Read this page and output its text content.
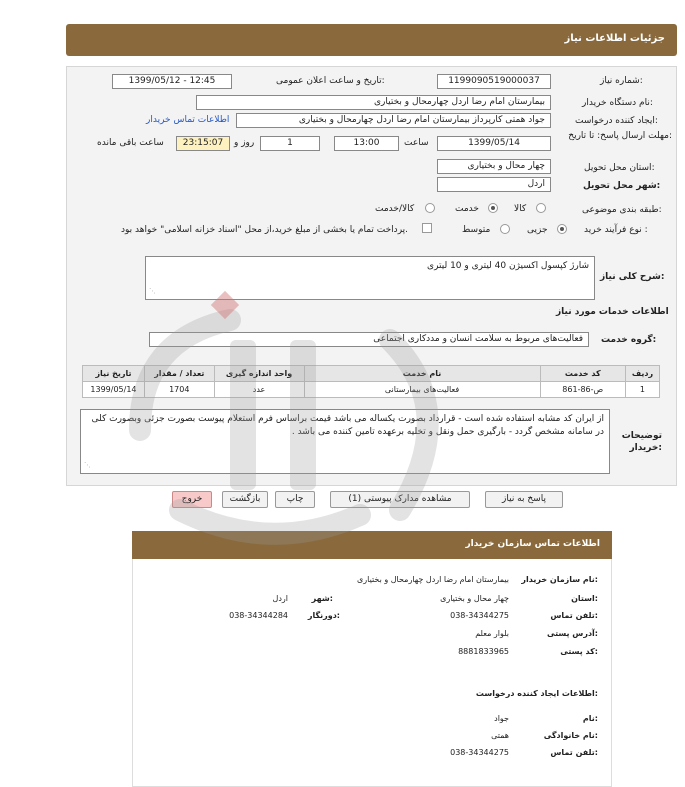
جزئیات اطلاعات نیاز
شماره نیاز:
1199090519000037
تاریخ و ساعت اعلان عمومی:
1399/05/12 - 12:45
نام دستگاه خریدار:
بیمارستان امام رضا اردل چهارمحال و بختیاری
ایجاد کننده درخواست:
جواد همتی کارپرداز بیمارستان امام رضا اردل چهارمحال و بختیاری
اطلاعات تماس خریدار
مهلت ارسال پاسخ: تا تاریخ:
1399/05/14
ساعت
13:00
1
روز و
23:15:07
ساعت باقی مانده
استان محل تحویل:
چهار محال و بختیاری
شهر محل تحویل:
اردل
طبقه بندی موضوعی:
کالا
خدمت
کالا/خدمت
نوع فرآیند خرید :
جزیی
متوسط
پرداخت تمام یا بخشی از مبلغ خرید،از محل "اسناد خزانه اسلامی" خواهد بود.
شرح کلی نیاز:
شارژ کپسول اکسیژن 40 لیتری و 10 لیتری
⋰
اطلاعات خدمات مورد نیاز
گروه خدمت:
فعالیت‌های مربوط به سلامت انسان و مددکاری اجتماعی
تاریخ نیاز	تعداد / مقدار	واحد اندازه گیری	نام خدمت	کد خدمت	ردیف
1399/05/14	1704	عدد	فعالیت‌های بیمارستانی	ص-86-861	1
توضیحات خریدار:
از ایران کد مشابه استفاده شده است - قرارداد بصورت یکساله می باشد قیمت براساس فرم استعلام پیوست بصورت جزئی وبصورت کلی در سامانه مشخص گردد - بارگیری حمل ونقل و تخلیه برعهده تامین کننده می باشد .
⋰
پاسخ به نیاز
مشاهده مدارک پیوستی (1)
چاپ
بازگشت
خروج
اطلاعات تماس سازمان خریدار
نام سازمان خریدار:
بیمارستان امام رضا اردل چهارمحال و بختیاری
استان:
چهار محال و بختیاری
شهر:
اردل
تلفن تماس:
038-34344275
دورنگار:
038-34344284
آدرس پستی:
بلوار معلم
کد پستی:
8881833965
اطلاعات ایجاد کننده درخواست:
نام:
جواد
نام خانوادگی:
همتی
تلفن تماس:
038-34344275
